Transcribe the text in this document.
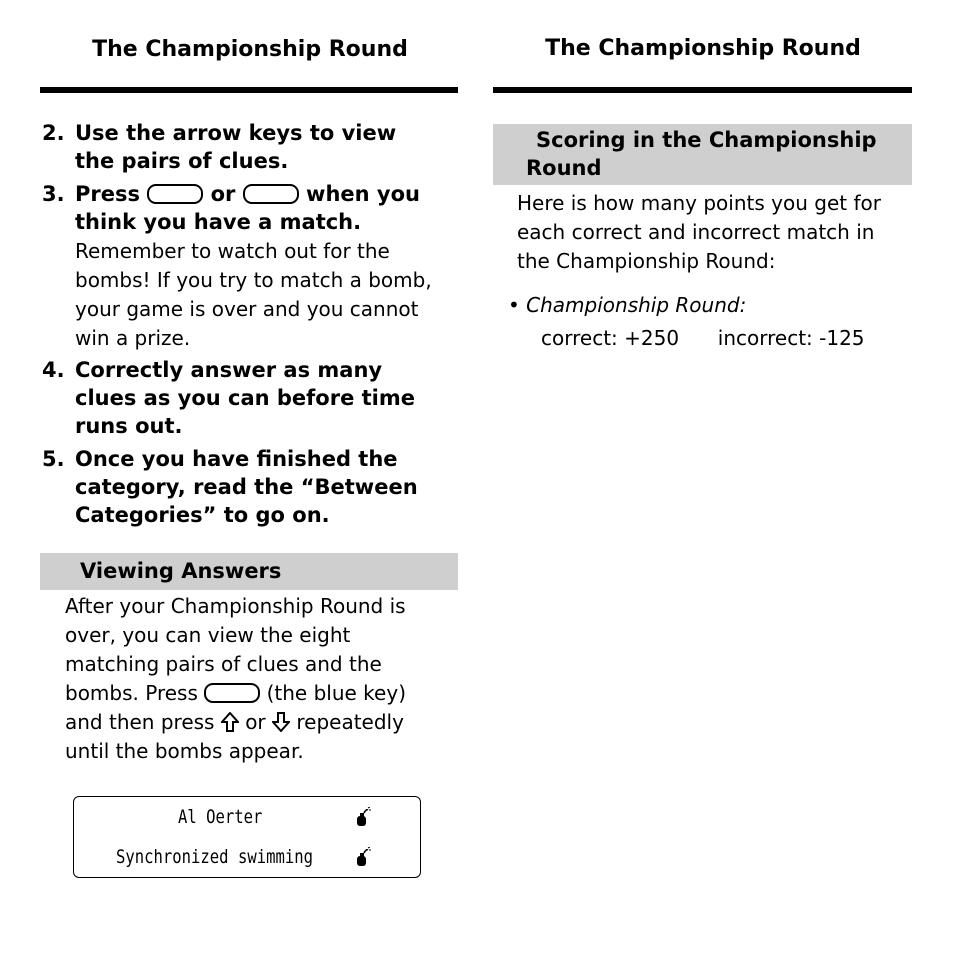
The Championship Round
2. Use the arrow keys to view
the pairs of clues.
3. Press	or	when you
think you have a match.
Remember to watch out for the
bombs! If you try to match a bomb,
your game is over and you cannot
win a prize.
4. Correctly answer as many
clues as you can before time
runs out.
5. Once you have finished the
category, read the “Between
Categories” to go on.
Viewing Answers
After your Championship Round is
over, you can view the eight
matching pairs of clues and the
bombs. Press	(the blue key)
and then press or repeatedly
until the bombs appear.
Al Oerter
Synchronized swimming
The Championship Round
Scoring in the Championship
Round
Here is how many points you get for
each correct and incorrect match in
the Championship Round:
• Championship Round:
correct: +250 incorrect: -125
